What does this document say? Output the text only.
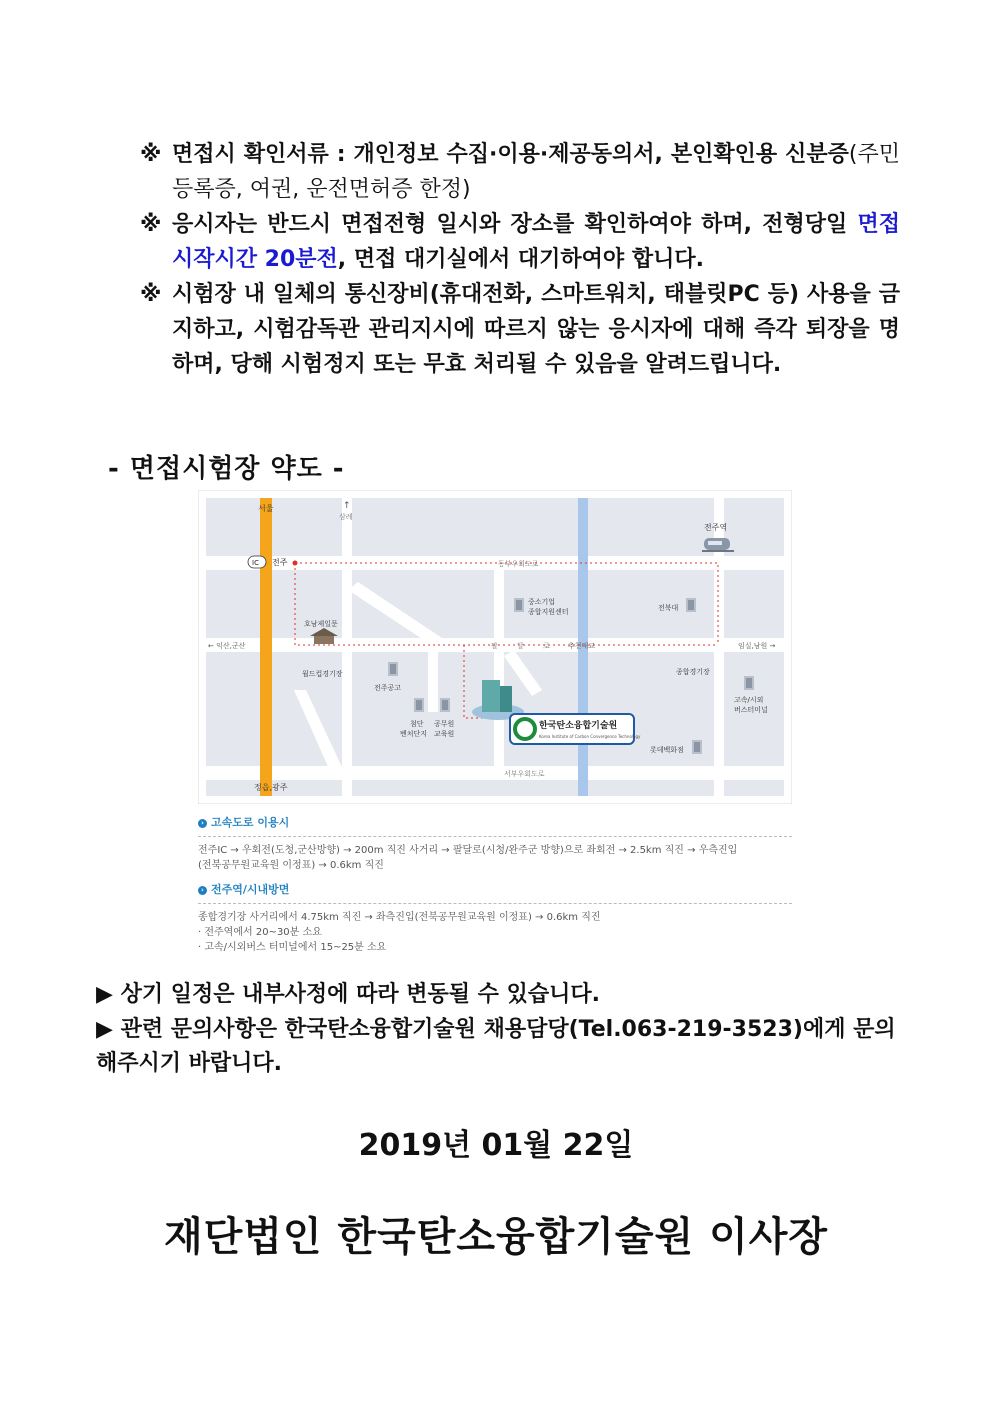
※ 면접시 확인서류 : 개인정보 수집·이용·제공동의서, 본인확인용 신분증(주민등록증, 여권, 운전면허증 한정)
※ 응시자는 반드시 면접전형 일시와 장소를 확인하여야 하며, 전형당일 면접 시작시간 20분전, 면접 대기실에서 대기하여야 합니다.
※ 시험장 내 일체의 통신장비(휴대전화, 스마트워치, 태블릿PC 등) 사용을 금지하고, 시험감독관 관리지시에 따르지 않는 응시자에 대해 즉각 퇴장을 명하며, 당해 시험정지 또는 무효 처리될 수 있음을 알려드립니다.
- 면접시험장 약도 -
서울
삼례
↑
IC 전주
전주역
동부우회도로
중소기업
종합지원센터	전북대
호남제일문
← 익산,군산	팔	달	로	추천대교	임실,남원 →
월드컵경기장	종합경기장
전주공고
첨단
벤처단지
공무원
교육원
한국탄소융합기술원
Korea Institute of Carbon Convergence Technology
고속/시외
버스터미널
롯데백화점
서부우회도로
정읍,광주
› 고속도로 이용시
전주IC → 우회전(도청,군산방향) → 200m 직진 사거리 → 팔달로(시청/완주군 방향)으로 좌회전 → 2.5km 직진 → 우측진입
(전북공무원교육원 이정표) → 0.6km 직진
› 전주역/시내방면
종합경기장 사거리에서 4.75km 직진 → 좌측진입(전북공무원교육원 이정표) → 0.6km 직진
· 전주역에서 20~30분 소요
· 고속/시외버스 터미널에서 15~25분 소요
▶ 상기 일정은 내부사정에 따라 변동될 수 있습니다.
▶ 관련 문의사항은 한국탄소융합기술원 채용담당(Tel.063-219-3523)에게 문의해주시기 바랍니다.
2019년 01월 22일
재단법인 한국탄소융합기술원 이사장
